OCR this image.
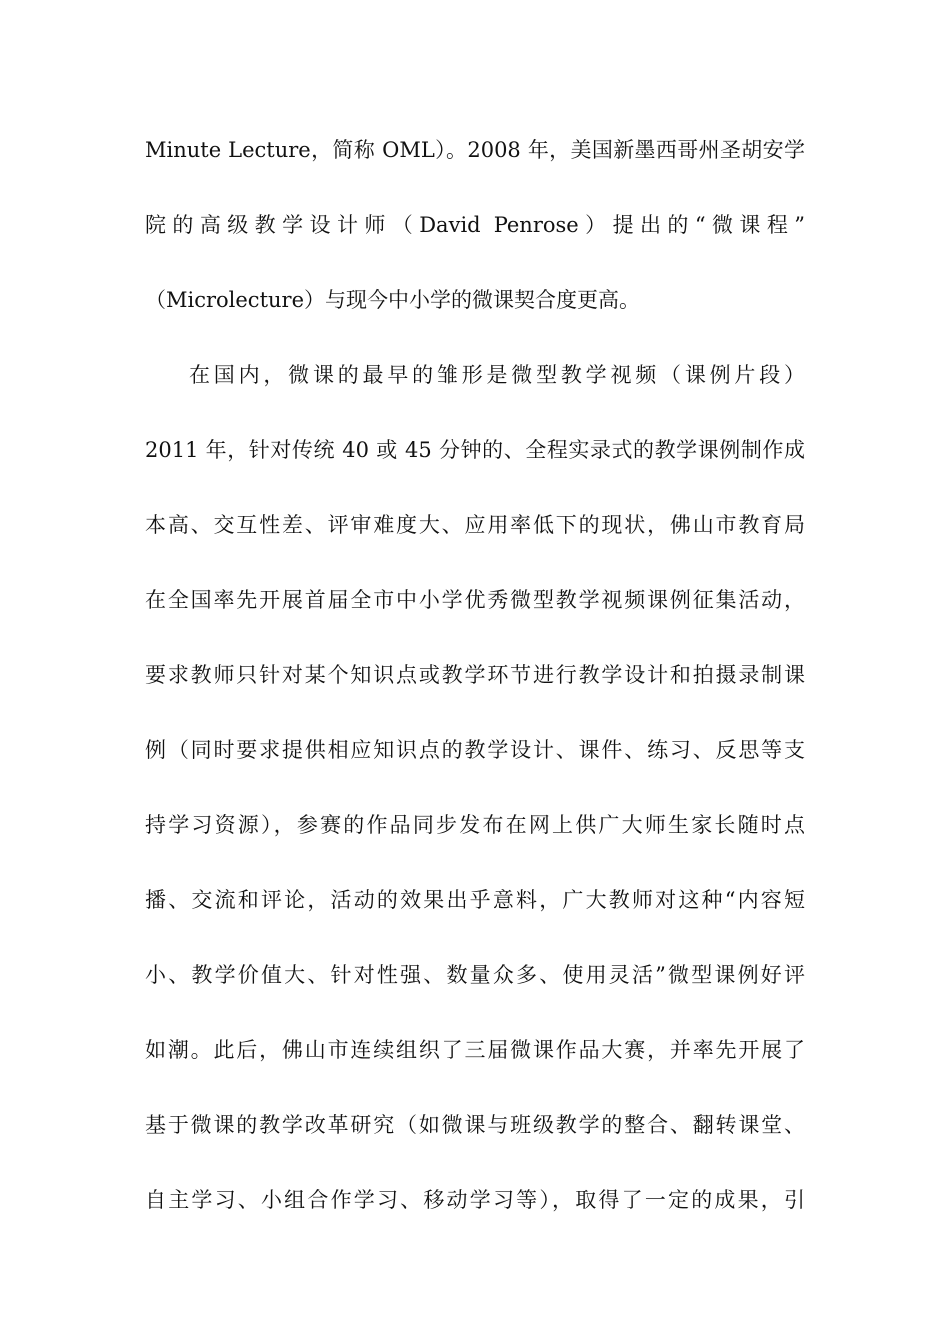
Minute Lecture，简称 OML）。2008 年，美国新墨西哥州圣胡安学
院的高级教学设计师（David Penrose）提出的“微课程”
（Microlecture）与现今中小学的微课契合度更高。
在国内，微课的最早的雏形是微型教学视频（课例片段）
2011 年，针对传统 40 或 45 分钟的、全程实录式的教学课例制作成
本高、交互性差、评审难度大、应用率低下的现状，佛山市教育局
在全国率先开展首届全市中小学优秀微型教学视频课例征集活动，
要求教师只针对某个知识点或教学环节进行教学设计和拍摄录制课
例（同时要求提供相应知识点的教学设计、课件、练习、反思等支
持学习资源），参赛的作品同步发布在网上供广大师生家长随时点
播、交流和评论，活动的效果出乎意料，广大教师对这种“内容短
小、教学价值大、针对性强、数量众多、使用灵活”微型课例好评
如潮。此后，佛山市连续组织了三届微课作品大赛，并率先开展了
基于微课的教学改革研究（如微课与班级教学的整合、翻转课堂、
自主学习、小组合作学习、移动学习等），取得了一定的成果，引
